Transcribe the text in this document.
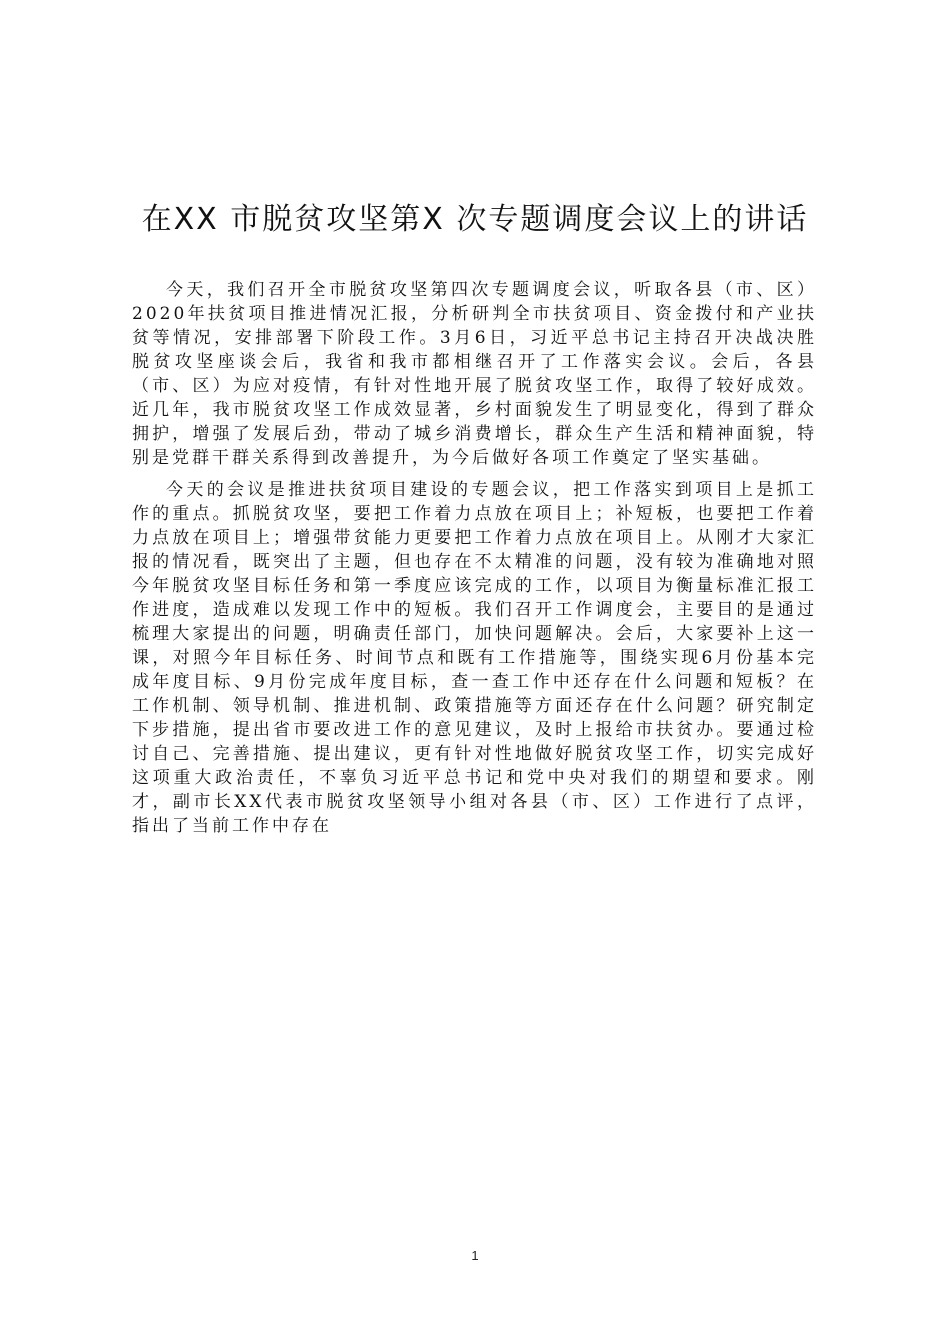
在XX 市脱贫攻坚第X 次专题调度会议上的讲话

今天，我们召开全市脱贫攻坚第四次专题调度会议，听取各县（市、区）2020年扶贫项目推进情况汇报，分析研判全市扶贫项目、资金拨付和产业扶贫等情况，安排部署下阶段工作。3月6日，习近平总书记主持召开决战决胜脱贫攻坚座谈会后，我省和我市都相继召开了工作落实会议。会后，各县（市、区）为应对疫情，有针对性地开展了脱贫攻坚工作，取得了较好成效。近几年，我市脱贫攻坚工作成效显著，乡村面貌发生了明显变化，得到了群众拥护，增强了发展后劲，带动了城乡消费增长，群众生产生活和精神面貌，特别是党群干群关系得到改善提升，为今后做好各项工作奠定了坚实基础。

今天的会议是推进扶贫项目建设的专题会议，把工作落实到项目上是抓工作的重点。抓脱贫攻坚，要把工作着力点放在项目上；补短板，也要把工作着力点放在项目上；增强带贫能力更要把工作着力点放在项目上。从刚才大家汇报的情况看，既突出了主题，但也存在不太精准的问题，没有较为准确地对照今年脱贫攻坚目标任务和第一季度应该完成的工作，以项目为衡量标准汇报工作进度，造成难以发现工作中的短板。我们召开工作调度会，主要目的是通过梳理大家提出的问题，明确责任部门，加快问题解决。会后，大家要补上这一课，对照今年目标任务、时间节点和既有工作措施等，围绕实现6月份基本完成年度目标、9月份完成年度目标，查一查工作中还存在什么问题和短板？在工作机制、领导机制、推进机制、政策措施等方面还存在什么问题？研究制定下步措施，提出省市要改进工作的意见建议，及时上报给市扶贫办。要通过检讨自己、完善措施、提出建议，更有针对性地做好脱贫攻坚工作，切实完成好这项重大政治责任，不辜负习近平总书记和党中央对我们的期望和要求。刚才，副市长XX代表市脱贫攻坚领导小组对各县（市、区）工作进行了点评，指出了当前工作中存在

1
